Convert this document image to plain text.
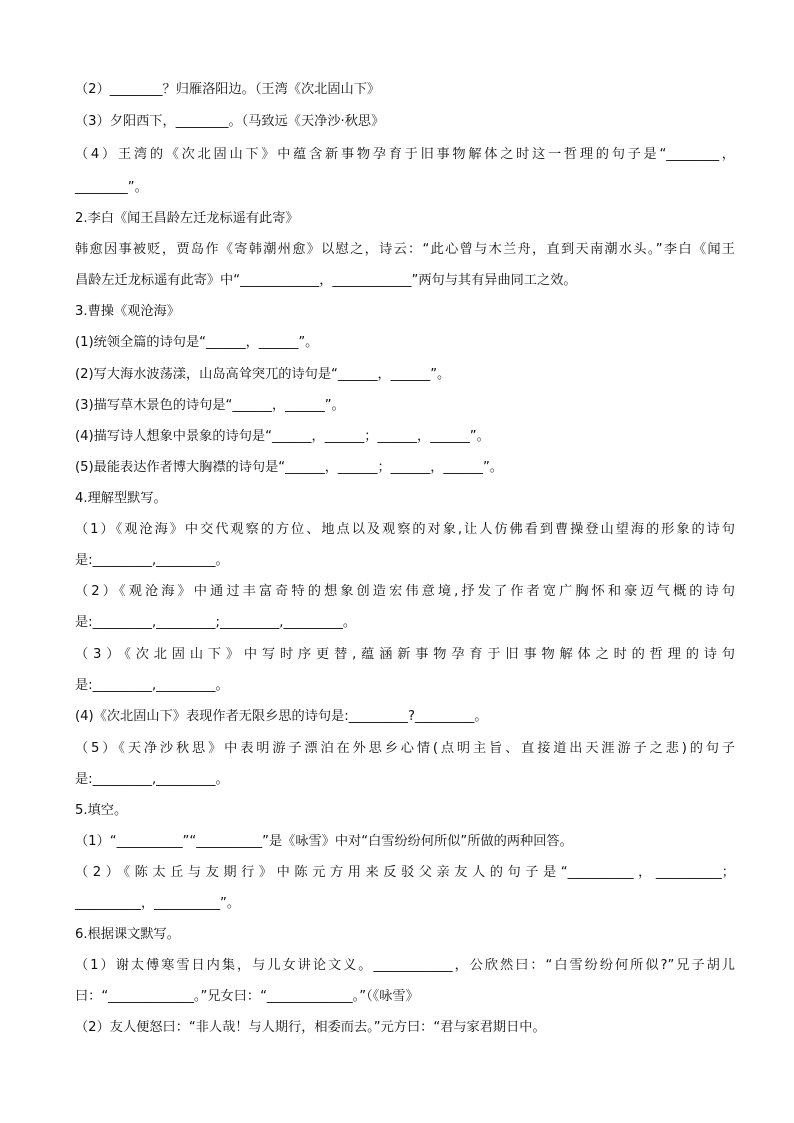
（2）________？归雁洛阳边。（王湾《次北固山下》
（3）夕阳西下，________。（马致远《天净沙·秋思》
（4）王湾的《次北固山下》中蕴含新事物孕育于旧事物解体之时这一哲理的句子是“________，
________”。
2.李白《闻王昌龄左迁龙标遥有此寄》
韩愈因事被贬，贾岛作《寄韩潮州愈》以慰之，诗云：“此心曾与木兰舟，直到天南潮水头。”李白《闻王
昌龄左迁龙标遥有此寄》中“____________，____________”两句与其有异曲同工之效。
3.曹操《观沧海》
(1)统领全篇的诗句是“______，______”。
(2)写大海水波荡漾，山岛高耸突兀的诗句是“______，______”。
(3)描写草木景色的诗句是“______，______”。
(4)描写诗人想象中景象的诗句是“______，______；______，______”。
(5)最能表达作者博大胸襟的诗句是“______，______；______，______”。
4.理解型默写。
（1）《观沧海》中交代观察的方位、地点以及观察的对象,让人仿佛看到曹操登山望海的形象的诗句
是:_________,_________。
（2）《观沧海》中通过丰富奇特的想象创造宏伟意境,抒发了作者宽广胸怀和豪迈气概的诗句
是:_________,_________;_________,_________。
（3）《次北固山下》中写时序更替,蕴涵新事物孕育于旧事物解体之时的哲理的诗句
是:_________,_________。
(4)《次北固山下》表现作者无限乡思的诗句是:_________?_________。
（5）《天净沙秋思》中表明游子漂泊在外思乡心情(点明主旨、直接道出天涯游子之悲)的句子
是:_________,_________。
5.填空。
（1）“__________”“__________”是《咏雪》中对“白雪纷纷何所似”所做的两种回答。
（2）《陈太丘与友期行》中陈元方用来反驳父亲友人的句子是“__________，__________；
__________，__________”。
6.根据课文默写。
（1）谢太傅寒雪日内集，与儿女讲论文义。____________，公欣然曰：“白雪纷纷何所似?”兄子胡儿
曰：“_____________。”兄女曰：“_____________。”（《咏雪》
（2）友人便怒曰：“非人哉！与人期行，相委而去。”元方曰：“君与家君期日中。
